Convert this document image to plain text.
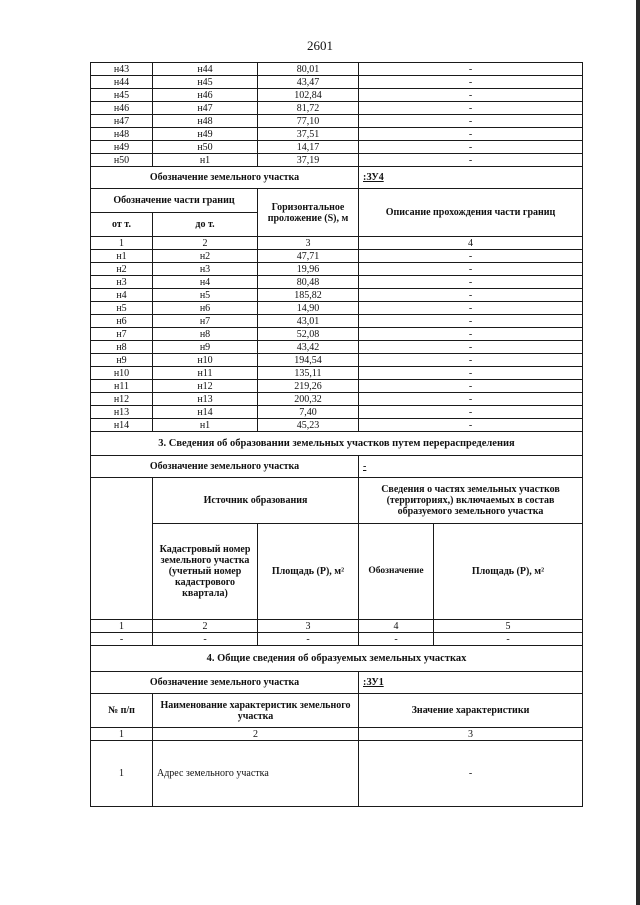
2601
н43	н44	80,01	-	
н44	н45	43,47	-	
н45	н46	102,84	-	
н46	н47	81,72	-	
н47	н48	77,10	-	
н48	н49	37,51	-	
н49	н50	14,17	-	
н50	н1	37,19	-	
Обозначение земельного участка			:ЗУ4	
Обозначение части границ		Горизонтальное проложение (S), м	Описание прохождения части границ	
от т.	до т.			
1	2	3	4	
н1	н2	47,71	-	
н2	н3	19,96	-	
н3	н4	80,48	-	
н4	н5	185,82	-	
н5	н6	14,90	-	
н6	н7	43,01	-	
н7	н8	52,08	-	
н8	н9	43,42	-	
н9	н10	194,54	-	
н10	н11	135,11	-	
н11	н12	219,26	-	
н12	н13	200,32	-	
н13	н14	7,40	-	
н14	н1	45,23	-	
3. Сведения об образовании земельных участков путем перераспределения				
Обозначение земельного участка			-	
	Источник образования		Сведения о частях земельных участков (территориях,) включаемых в состав образуемого земельного участка	
	Кадастровый номер земельного участка (учетный номер кадастрового квартала)	Площадь (P), м²	Обозначение	Площадь (P), м²
1	2	3	4	5
-	-	-	-	-
4. Общие сведения об образуемых земельных участках				
Обозначение земельного участка			:ЗУ1	
№ п/п	Наименование характеристик земельного участка		Значение характеристики	
1	2		3	
1	Адрес земельного участка		-	
